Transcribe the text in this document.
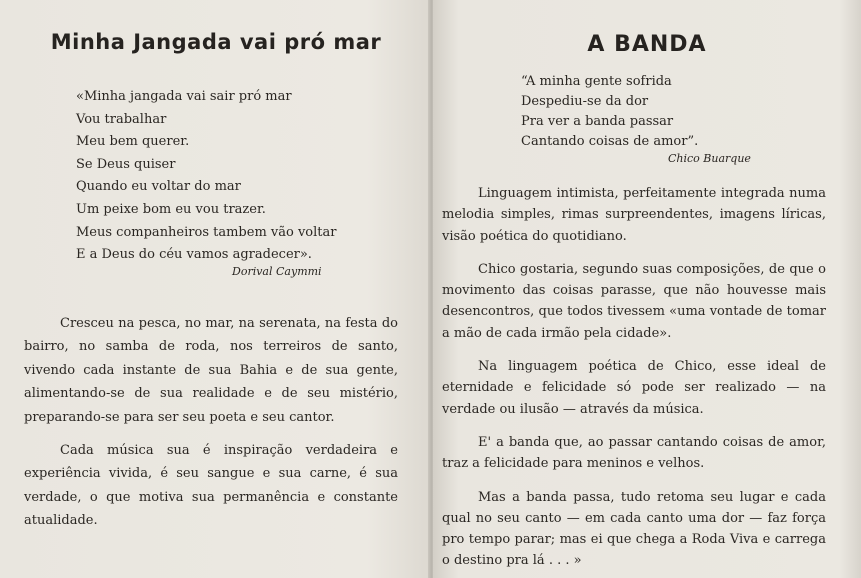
Minha Jangada vai pró mar
«Minha jangada vai sair pró mar
Vou trabalhar
Meu bem querer.
Se Deus quiser
Quando eu voltar do mar
Um peixe bom eu vou trazer.
Meus companheiros tambem vão voltar
E a Deus do céu vamos agradecer».
Dorival Caymmi

Cresceu na pesca, no mar, na serenata, na festa do bairro, no samba de roda, nos terreiros de santo, vivendo cada instante de sua Bahia e de sua gente, alimentando-se de sua realidade e de seu mistério, preparando-se para ser seu poeta e seu cantor.

Cada música sua é inspiração verdadeira e experiência vivida, é seu sangue e sua carne, é sua verdade, o que motiva sua permanência e constante atualidade.

A BANDA
“A minha gente sofrida
Despediu-se da dor
Pra ver a banda passar
Cantando coisas de amor”.
Chico Buarque

Linguagem intimista, perfeitamente integrada numa melodia simples, rimas surpreendentes, imagens líricas, visão poética do quotidiano.

Chico gostaria, segundo suas composições, de que o movimento das coisas parasse, que não houvesse mais desencontros, que todos tivessem «uma vontade de tomar a mão de cada irmão pela cidade».

Na linguagem poética de Chico, esse ideal de eternidade e felicidade só pode ser realizado — na verdade ou ilusão — através da música.

E' a banda que, ao passar cantando coisas de amor, traz a felicidade para meninos e velhos.

Mas a banda passa, tudo retoma seu lugar e cada qual no seu canto — em cada canto uma dor — faz força pro tempo parar; mas ei que chega a Roda Viva e carrega o destino pra lá . . . »
